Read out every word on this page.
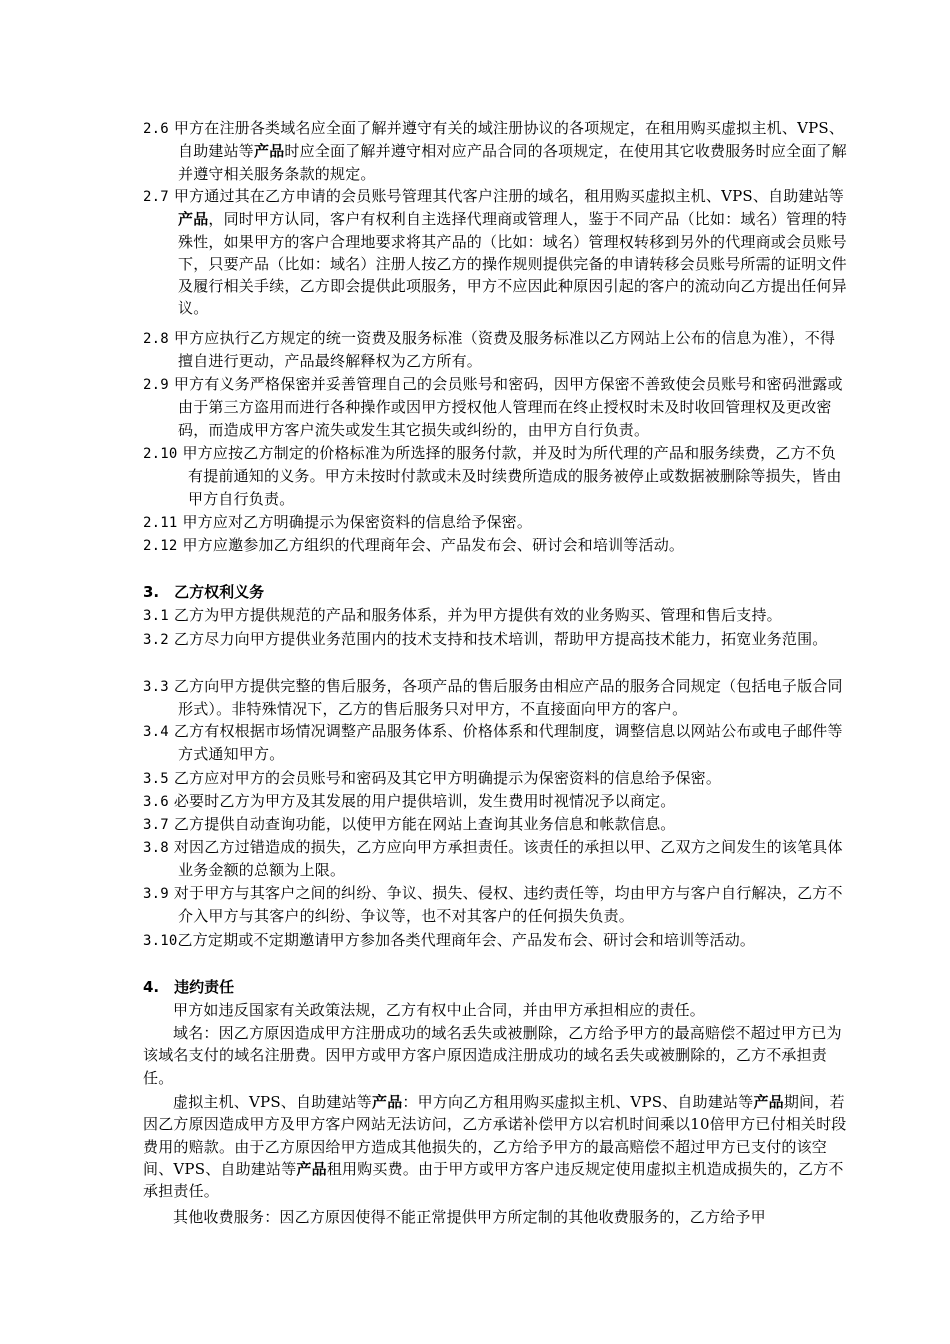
2.6 甲方在注册各类域名应全面了解并遵守有关的域注册协议的各项规定，在租用购买虚拟主机、VPS、自助建站等产品时应全面了解并遵守相对应产品合同的各项规定，在使用其它收费服务时应全面了解并遵守相关服务条款的规定。
2.7 甲方通过其在乙方申请的会员账号管理其代客户注册的域名，租用购买虚拟主机、VPS、自助建站等产品，同时甲方认同，客户有权利自主选择代理商或管理人，鉴于不同产品（比如：域名）管理的特殊性，如果甲方的客户合理地要求将其产品的（比如：域名）管理权转移到另外的代理商或会员账号下，只要产品（比如：域名）注册人按乙方的操作规则提供完备的申请转移会员账号所需的证明文件及履行相关手续，乙方即会提供此项服务，甲方不应因此种原因引起的客户的流动向乙方提出任何异议。
2.8 甲方应执行乙方规定的统一资费及服务标准（资费及服务标准以乙方网站上公布的信息为准），不得擅自进行更动，产品最终解释权为乙方所有。
2.9 甲方有义务严格保密并妥善管理自己的会员账号和密码，因甲方保密不善致使会员账号和密码泄露或由于第三方盗用而进行各种操作或因甲方授权他人管理而在终止授权时未及时收回管理权及更改密码，而造成甲方客户流失或发生其它损失或纠纷的，由甲方自行负责。
2.10 甲方应按乙方制定的价格标准为所选择的服务付款，并及时为所代理的产品和服务续费，乙方不负有提前通知的义务。甲方未按时付款或未及时续费所造成的服务被停止或数据被删除等损失，皆由甲方自行负责。
2.11 甲方应对乙方明确提示为保密资料的信息给予保密。
2.12 甲方应邀参加乙方组织的代理商年会、产品发布会、研讨会和培训等活动。
3.　乙方权利义务
3.1 乙方为甲方提供规范的产品和服务体系，并为甲方提供有效的业务购买、管理和售后支持。
3.2 乙方尽力向甲方提供业务范围内的技术支持和技术培训，帮助甲方提高技术能力，拓宽业务范围。
3.3 乙方向甲方提供完整的售后服务，各项产品的售后服务由相应产品的服务合同规定（包括电子版合同形式）。非特殊情况下，乙方的售后服务只对甲方，不直接面向甲方的客户。
3.4 乙方有权根据市场情况调整产品服务体系、价格体系和代理制度，调整信息以网站公布或电子邮件等方式通知甲方。
3.5 乙方应对甲方的会员账号和密码及其它甲方明确提示为保密资料的信息给予保密。
3.6 必要时乙方为甲方及其发展的用户提供培训，发生费用时视情况予以商定。
3.7 乙方提供自动查询功能，以使甲方能在网站上查询其业务信息和帐款信息。
3.8 对因乙方过错造成的损失，乙方应向甲方承担责任。该责任的承担以甲、乙双方之间发生的该笔具体业务金额的总额为上限。
3.9 对于甲方与其客户之间的纠纷、争议、损失、侵权、违约责任等，均由甲方与客户自行解决，乙方不介入甲方与其客户的纠纷、争议等，也不对其客户的任何损失负责。
3.10乙方定期或不定期邀请甲方参加各类代理商年会、产品发布会、研讨会和培训等活动。
4.　违约责任
甲方如违反国家有关政策法规，乙方有权中止合同，并由甲方承担相应的责任。
域名：因乙方原因造成甲方注册成功的域名丢失或被删除，乙方给予甲方的最高赔偿不超过甲方已为该域名支付的域名注册费。因甲方或甲方客户原因造成注册成功的域名丢失或被删除的，乙方不承担责任。
虚拟主机、VPS、自助建站等产品：甲方向乙方租用购买虚拟主机、VPS、自助建站等产品期间，若因乙方原因造成甲方及甲方客户网站无法访问，乙方承诺补偿甲方以宕机时间乘以10倍甲方已付相关时段费用的赔款。由于乙方原因给甲方造成其他损失的，乙方给予甲方的最高赔偿不超过甲方已支付的该空间、VPS、自助建站等产品租用购买费。由于甲方或甲方客户违反规定使用虚拟主机造成损失的，乙方不承担责任。
其他收费服务：因乙方原因使得不能正常提供甲方所定制的其他收费服务的，乙方给予甲
